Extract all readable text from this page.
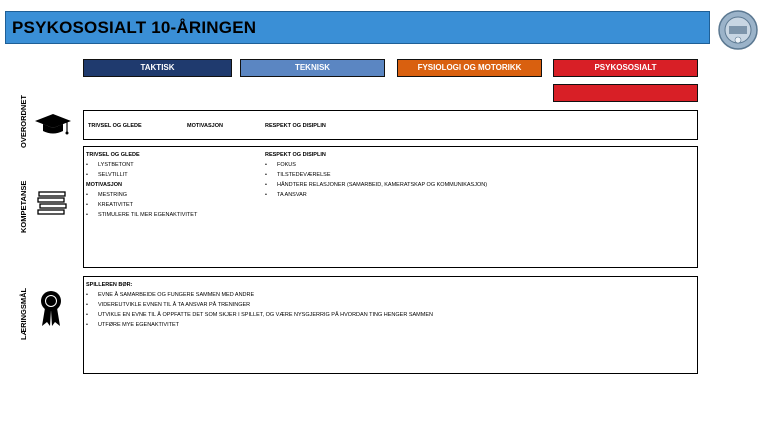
PSYKOSOSIALT 10-ÅRINGEN
TAKTISK	TEKNISK	FYSIOLOGI OG MOTORIKK	PSYKOSOSIALT
OVERORDNET	TRIVSEL OG GLEDE	MOTIVASJON	RESPEKT OG DISIPLIN
KOMPETANSE
TRIVSEL OG GLEDE
• LYSTBETONT
• SELVTILLIT
MOTIVASJON
• MESTRING
• KREATIVITET
• STIMULERE TIL MER EGENAKTIVITET
RESPEKT OG DISIPLIN
• FOKUS
• TILSTEDEVÆRELSE
• HÅNDTERE RELASJONER (SAMARBEID, KAMERATSKAP OG KOMMUNIKASJON)
• TA ANSVAR
LÆRINGSMÅL
SPILLEREN BØR:
• EVNE Å SAMARBEIDE OG FUNGERE SAMMEN MED ANDRE
• VIDEREUTVIKLE EVNEN TIL Å TA ANSVAR PÅ TRENINGER
• UTVIKLE EN EVNE TIL Å OPPFATTE DET SOM SKJER I SPILLET, OG VÆRE NYSGJERRIG PÅ HVORDAN TING HENGER SAMMEN
• UTFØRE MYE EGENAKTIVITET
